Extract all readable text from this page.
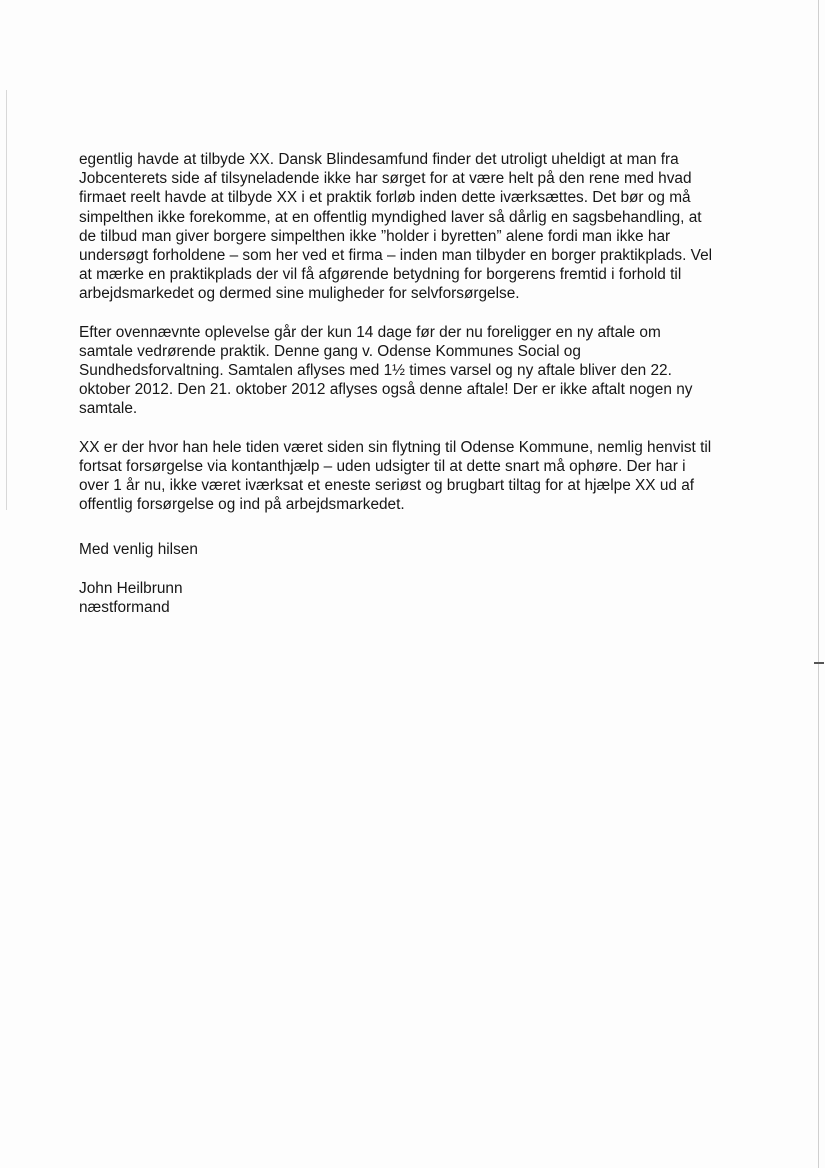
egentlig havde at tilbyde XX. Dansk Blindesamfund finder det utroligt uheldigt at man fra
Jobcenterets side af tilsyneladende ikke har sørget for at være helt på den rene med hvad
firmaet reelt havde at tilbyde XX i et praktik forløb inden dette iværksættes. Det bør og må
simpelthen ikke forekomme, at en offentlig myndighed laver så dårlig en sagsbehandling, at
de tilbud man giver borgere simpelthen ikke ”holder i byretten” alene fordi man ikke har
undersøgt forholdene – som her ved et firma – inden man tilbyder en borger praktikplads. Vel
at mærke en praktikplads der vil få afgørende betydning for borgerens fremtid i forhold til
arbejdsmarkedet og dermed sine muligheder for selvforsørgelse.

Efter ovennævnte oplevelse går der kun 14 dage før der nu foreligger en ny aftale om
samtale vedrørende praktik. Denne gang v. Odense Kommunes Social og
Sundhedsforvaltning. Samtalen aflyses med 1½ times varsel og ny aftale bliver den 22.
oktober 2012. Den 21. oktober 2012 aflyses også denne aftale! Der er ikke aftalt nogen ny
samtale.

XX er der hvor han hele tiden været siden sin flytning til Odense Kommune, nemlig henvist til
fortsat forsørgelse via kontanthjælp – uden udsigter til at dette snart må ophøre. Der har i
over 1 år nu, ikke været iværksat et eneste seriøst og brugbart tiltag for at hjælpe XX ud af
offentlig forsørgelse og ind på arbejdsmarkedet.

Med venlig hilsen

John Heilbrunn
næstformand
